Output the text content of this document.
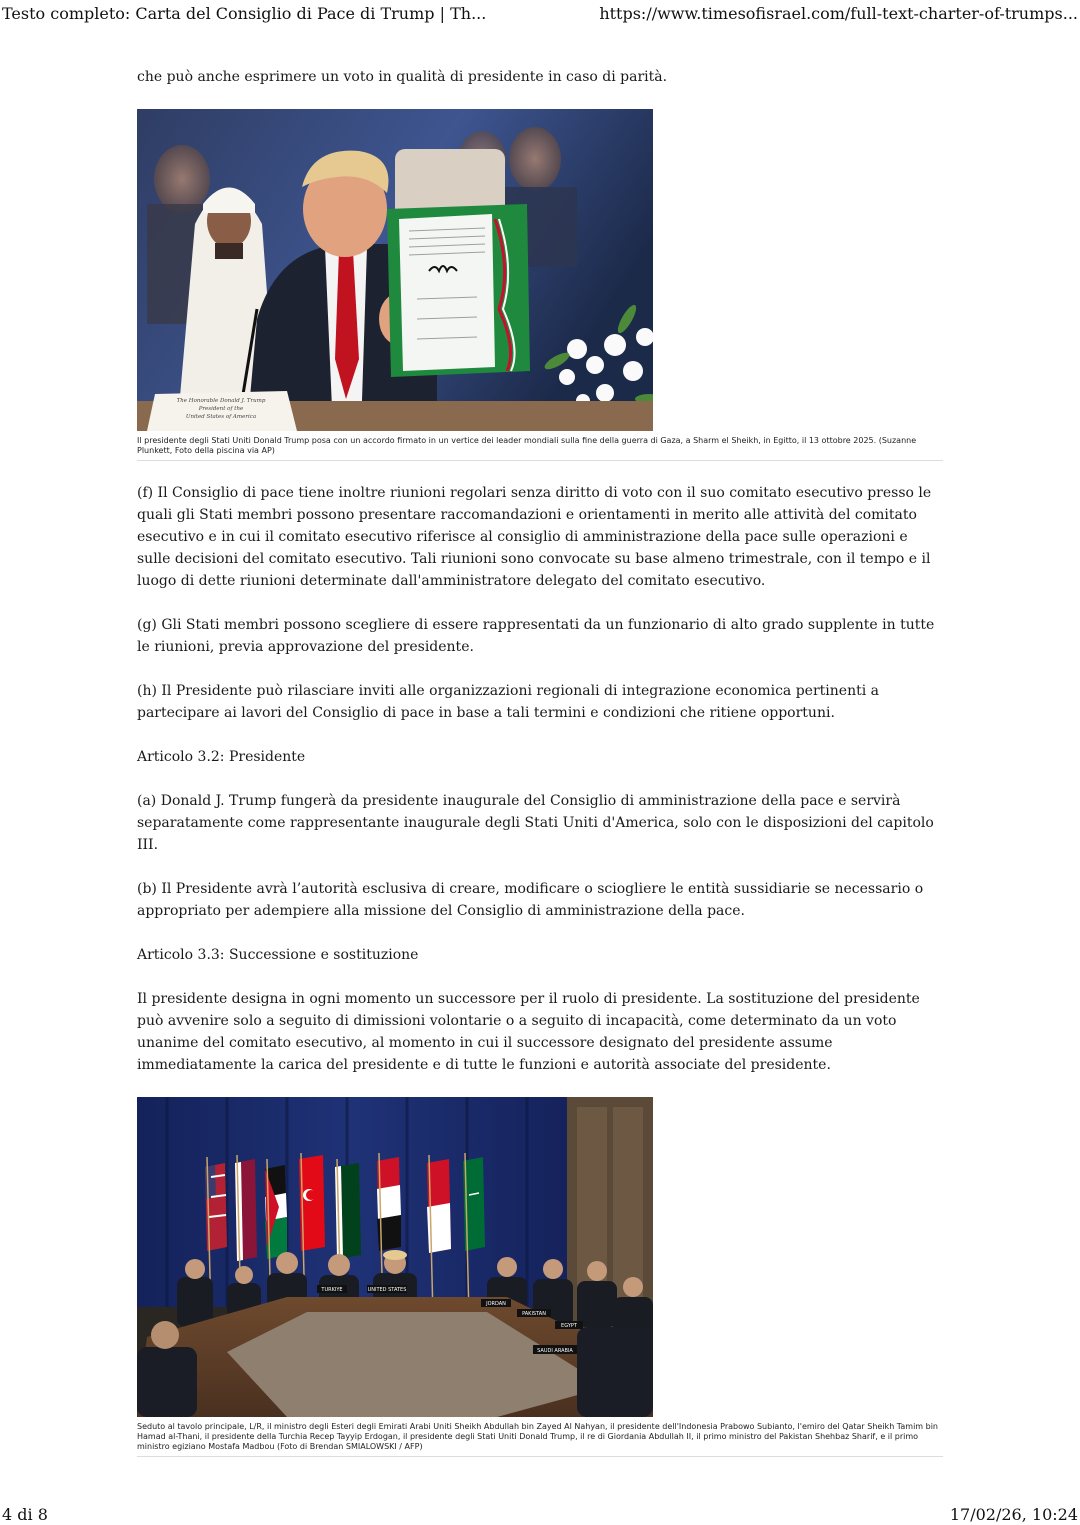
Testo completo: Carta del Consiglio di Pace di Trump | Th...	https://www.timesofisrael.com/full-text-charter-of-trumps...

che può anche esprimere un voto in qualità di presidente in caso di parità.

The Honorable Donald J. Trump
President of the
United States of America
Il presidente degli Stati Uniti Donald Trump posa con un accordo firmato in un vertice dei leader mondiali sulla fine della guerra di Gaza, a Sharm el Sheikh, in Egitto, il 13 ottobre 2025. (Suzanne Plunkett, Foto della piscina via AP)

(f) Il Consiglio di pace tiene inoltre riunioni regolari senza diritto di voto con il suo comitato esecutivo presso le quali gli Stati membri possono presentare raccomandazioni e orientamenti in merito alle attività del comitato esecutivo e in cui il comitato esecutivo riferisce al consiglio di amministrazione della pace sulle operazioni e sulle decisioni del comitato esecutivo. Tali riunioni sono convocate su base almeno trimestrale, con il tempo e il luogo di dette riunioni determinate dall'amministratore delegato del comitato esecutivo.

(g) Gli Stati membri possono scegliere di essere rappresentati da un funzionario di alto grado supplente in tutte le riunioni, previa approvazione del presidente.

(h) Il Presidente può rilasciare inviti alle organizzazioni regionali di integrazione economica pertinenti a partecipare ai lavori del Consiglio di pace in base a tali termini e condizioni che ritiene opportuni.

Articolo 3.2: Presidente

(a) Donald J. Trump fungerà da presidente inaugurale del Consiglio di amministrazione della pace e servirà separatamente come rappresentante inaugurale degli Stati Uniti d'America, solo con le disposizioni del capitolo III.

(b) Il Presidente avrà l’autorità esclusiva di creare, modificare o sciogliere le entità sussidiarie se necessario o appropriato per adempiere alla missione del Consiglio di amministrazione della pace.

Articolo 3.3: Successione e sostituzione

Il presidente designa in ogni momento un successore per il ruolo di presidente. La sostituzione del presidente può avvenire solo a seguito di dimissioni volontarie o a seguito di incapacità, come determinato da un voto unanime del comitato esecutivo, al momento in cui il successore designato del presidente assume immediatamente la carica del presidente e di tutte le funzioni e autorità associate del presidente.

TURKIYE	UNITED STATES
JORDAN
PAKISTAN
EGYPT
SAUDI ARABIA
Seduto al tavolo principale, L/R, il ministro degli Esteri degli Emirati Arabi Uniti Sheikh Abdullah bin Zayed Al Nahyan, il presidente dell'Indonesia Prabowo Subianto, l'emiro del Qatar Sheikh Tamim bin Hamad al-Thani, il presidente della Turchia Recep Tayyip Erdogan, il presidente degli Stati Uniti Donald Trump, il re di Giordania Abdullah II, il primo ministro del Pakistan Shehbaz Sharif, e il primo ministro egiziano Mostafa Madbou (Foto di Brendan SMIALOWSKI / AFP)
4 di 8	17/02/26, 10:24
